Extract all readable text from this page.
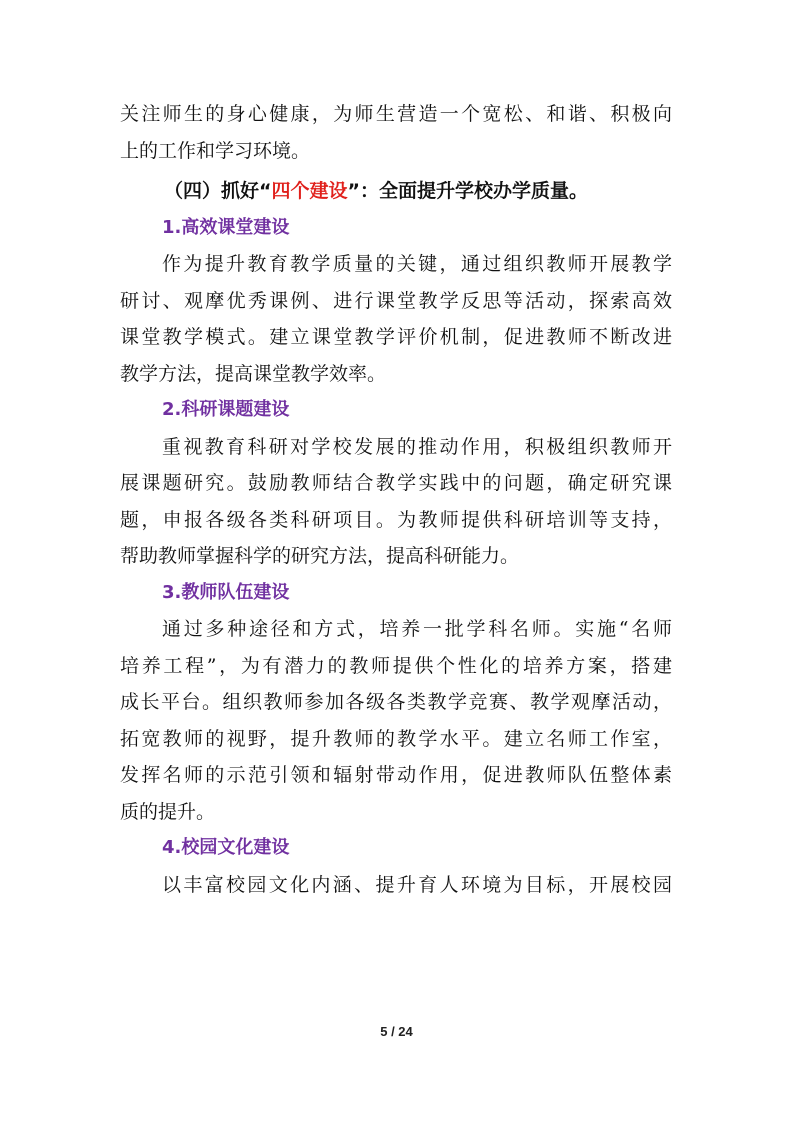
关注师生的身心健康，为师生营造一个宽松、和谐、积极向
上的工作和学习环境。
（四）抓好“四个建设”：全面提升学校办学质量。
1.高效课堂建设
作为提升教育教学质量的关键，通过组织教师开展教学
研讨、观摩优秀课例、进行课堂教学反思等活动，探索高效
课堂教学模式。建立课堂教学评价机制，促进教师不断改进
教学方法，提高课堂教学效率。
2.科研课题建设
重视教育科研对学校发展的推动作用，积极组织教师开
展课题研究。鼓励教师结合教学实践中的问题，确定研究课
题，申报各级各类科研项目。为教师提供科研培训等支持，
帮助教师掌握科学的研究方法，提高科研能力。
3.教师队伍建设
通过多种途径和方式，培养一批学科名师。实施“名师
培养工程”，为有潜力的教师提供个性化的培养方案，搭建
成长平台。组织教师参加各级各类教学竞赛、教学观摩活动，
拓宽教师的视野，提升教师的教学水平。建立名师工作室，
发挥名师的示范引领和辐射带动作用，促进教师队伍整体素
质的提升。
4.校园文化建设
以丰富校园文化内涵、提升育人环境为目标，开展校园
5 / 24
